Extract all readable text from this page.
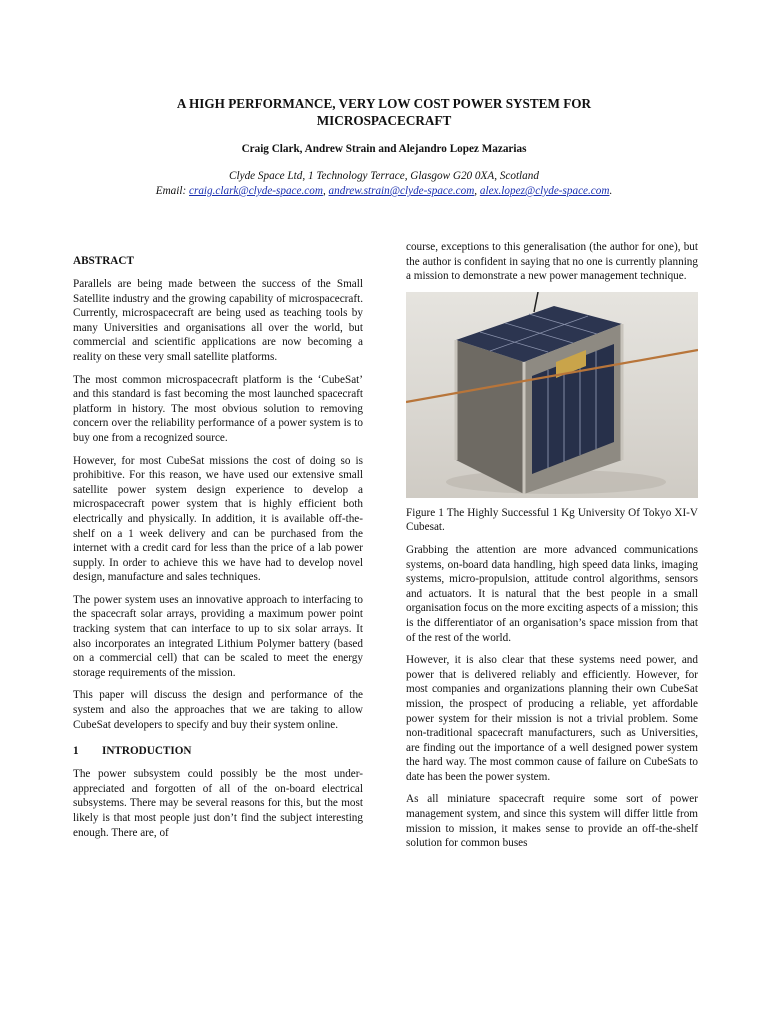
A HIGH PERFORMANCE, VERY LOW COST POWER SYSTEM FOR
MICROSPACECRAFT

Craig Clark, Andrew Strain and Alejandro Lopez Mazarias

Clyde Space Ltd, 1 Technology Terrace, Glasgow G20 0XA, Scotland
Email: craig.clark@clyde-space.com, andrew.strain@clyde-space.com, alex.lopez@clyde-space.com.
ABSTRACT

Parallels are being made between the success of the Small Satellite industry and the growing capability of microspacecraft. Currently, microspacecraft are being used as teaching tools by many Universities and organisations all over the world, but commercial and scientific applications are now becoming a reality on these very small satellite platforms.

The most common microspacecraft platform is the ‘CubeSat’ and this standard is fast becoming the most launched spacecraft platform in history. The most obvious solution to removing concern over the reliability performance of a power system is to buy one from a recognized source.

However, for most CubeSat missions the cost of doing so is prohibitive. For this reason, we have used our extensive small satellite power system design experience to develop a microspacecraft power system that is highly efficient both electrically and physically. In addition, it is available off-the-shelf on a 1 week delivery and can be purchased from the internet with a credit card for less than the price of a lab power supply. In order to achieve this we have had to develop novel design, manufacture and sales techniques.

The power system uses an innovative approach to interfacing to the spacecraft solar arrays, providing a maximum power point tracking system that can interface to up to six solar arrays. It also incorporates an integrated Lithium Polymer battery (based on a commercial cell) that can be scaled to meet the energy storage requirements of the mission.

This paper will discuss the design and performance of the system and also the approaches that we are taking to allow CubeSat developers to specify and buy their system online.

1 INTRODUCTION

The power subsystem could possibly be the most under-appreciated and forgotten of all of the on-board electrical subsystems. There may be several reasons for this, but the most likely is that most people just don’t find the subject interesting enough. There are, of

course, exceptions to this generalisation (the author for one), but the author is confident in saying that no one is currently planning a mission to demonstrate a new power management technique.

Figure 1 The Highly Successful 1 Kg University Of Tokyo XI-V Cubesat.

Grabbing the attention are more advanced communications systems, on-board data handling, high speed data links, imaging systems, micro-propulsion, attitude control algorithms, sensors and actuators. It is natural that the best people in a small organisation focus on the more exciting aspects of a mission; this is the differentiator of an organisation’s space mission from that of the rest of the world.

However, it is also clear that these systems need power, and power that is delivered reliably and efficiently. However, for most companies and organizations planning their own CubeSat mission, the prospect of producing a reliable, yet affordable power system for their mission is not a trivial problem. Some non-traditional spacecraft manufacturers, such as Universities, are finding out the importance of a well designed power system the hard way. The most common cause of failure on CubeSats to date has been the power system.

As all miniature spacecraft require some sort of power management system, and since this system will differ little from mission to mission, it makes sense to provide an off-the-shelf solution for common buses
